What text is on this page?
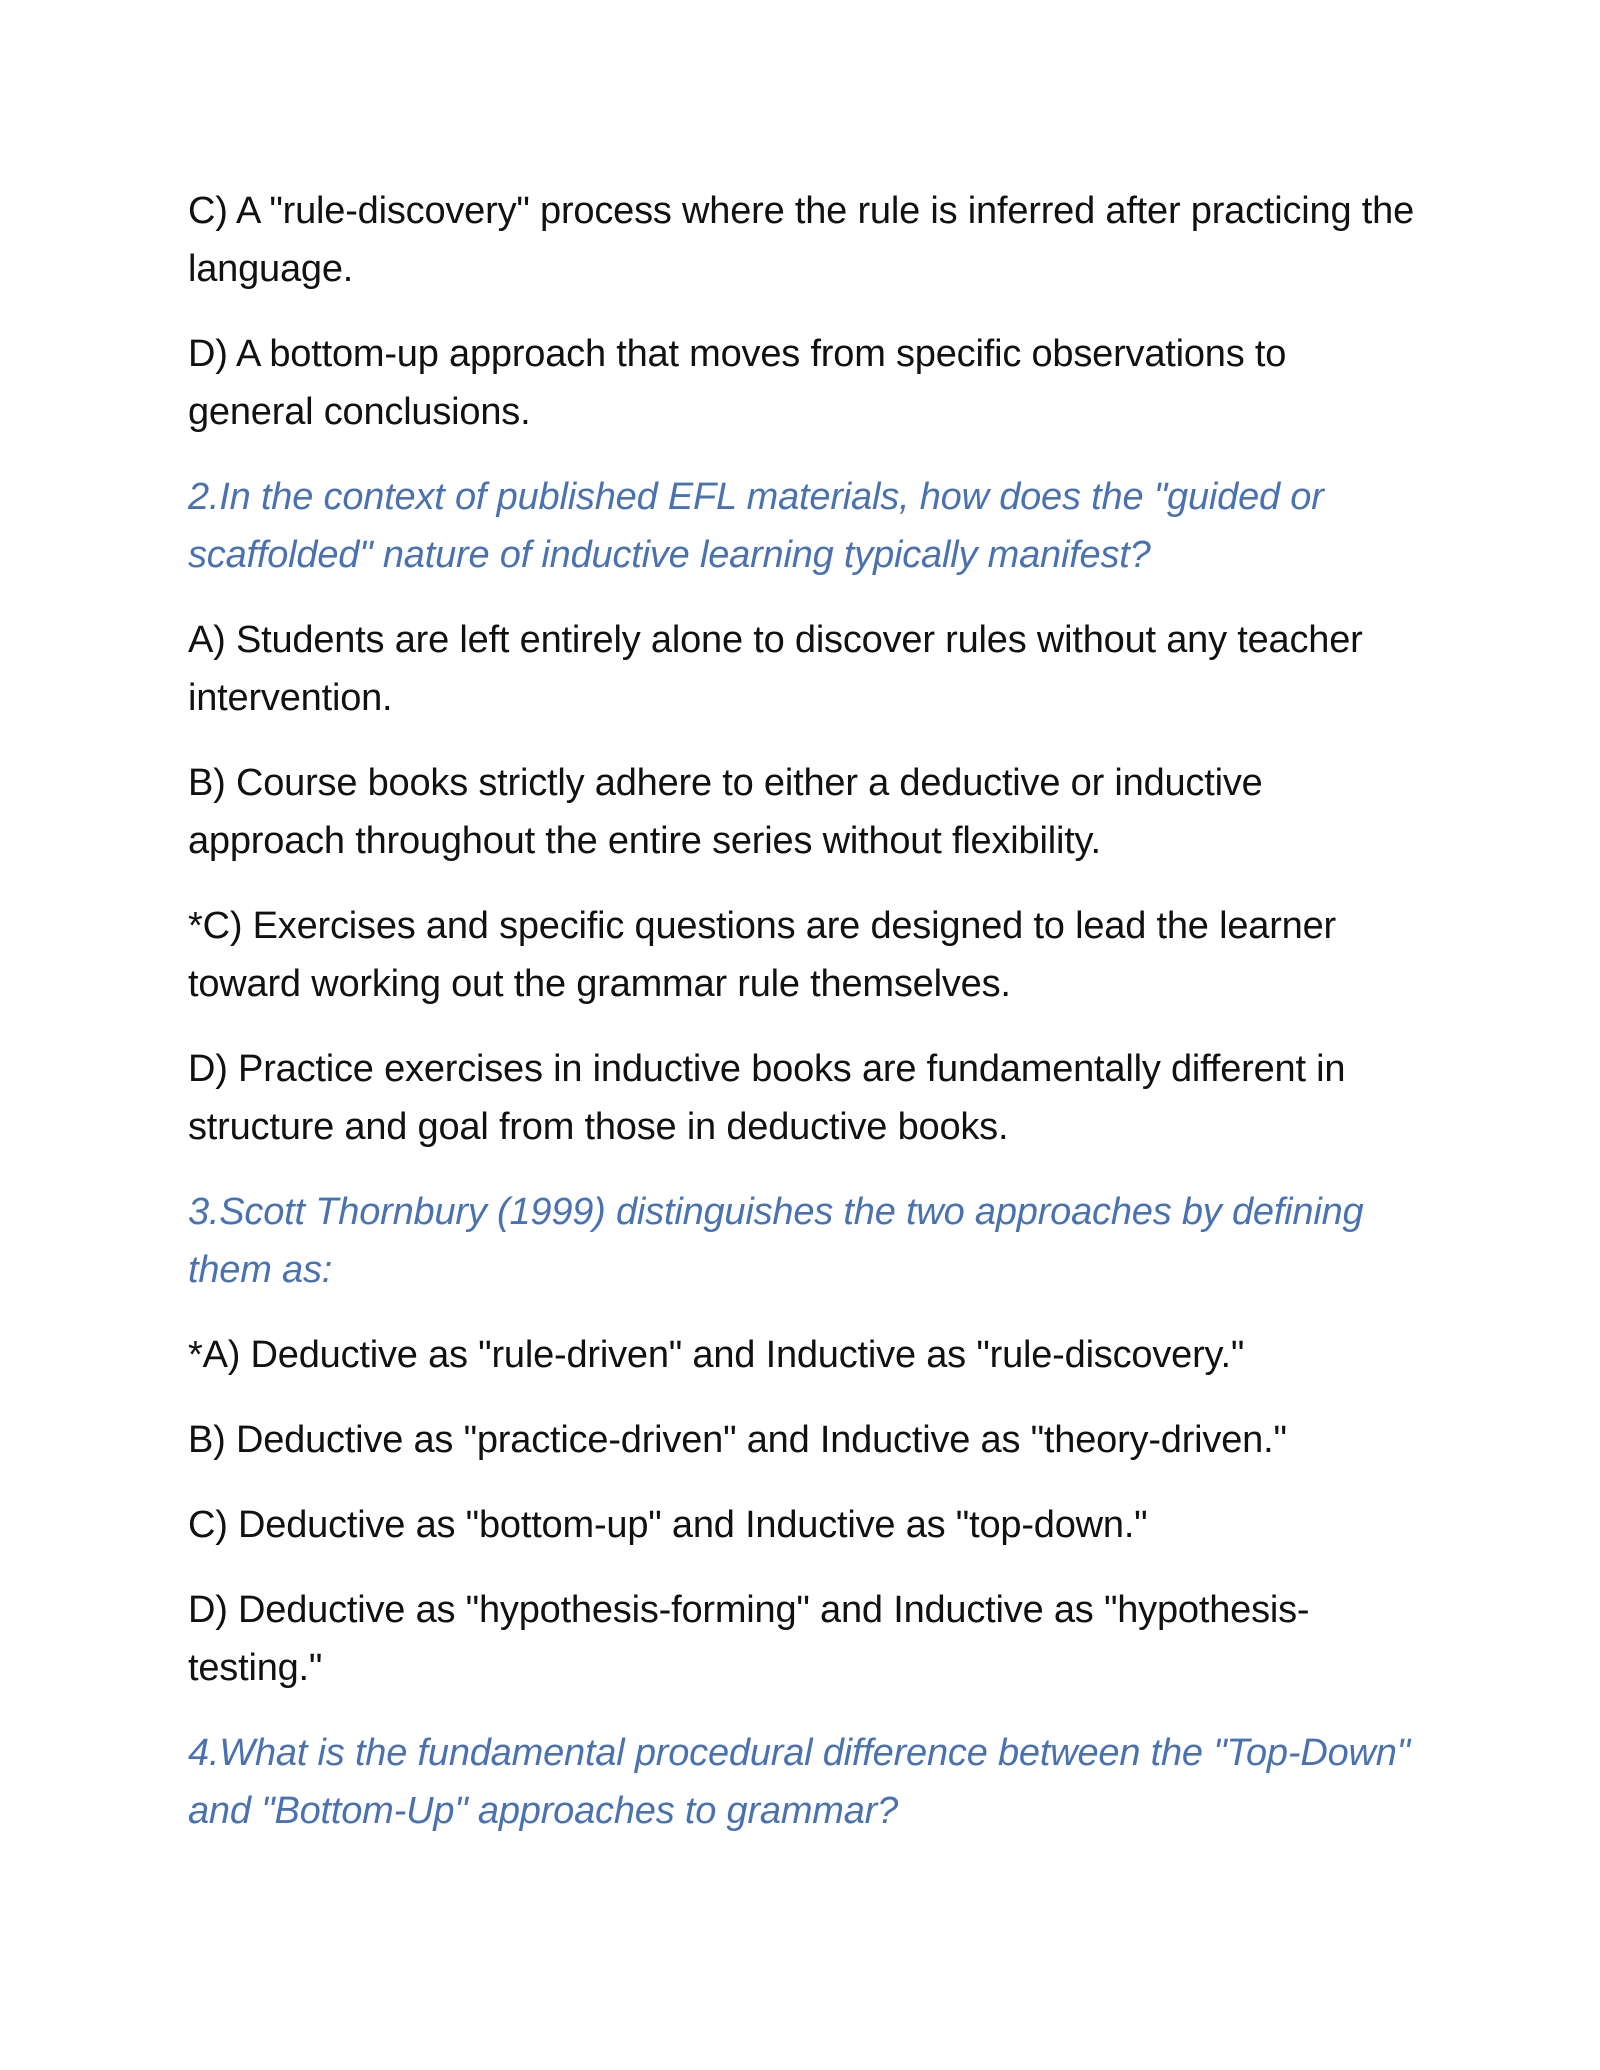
C) A "rule-discovery" process where the rule is inferred after practicing the language.

D) A bottom-up approach that moves from specific observations to general conclusions.

2.In the context of published EFL materials, how does the "guided or scaffolded" nature of inductive learning typically manifest?

A) Students are left entirely alone to discover rules without any teacher intervention.

B) Course books strictly adhere to either a deductive or inductive approach throughout the entire series without flexibility.

*C) Exercises and specific questions are designed to lead the learner toward working out the grammar rule themselves.

D) Practice exercises in inductive books are fundamentally different in structure and goal from those in deductive books.

3.Scott Thornbury (1999) distinguishes the two approaches by defining them as:

*A) Deductive as "rule-driven" and Inductive as "rule-discovery."

B) Deductive as "practice-driven" and Inductive as "theory-driven."

C) Deductive as "bottom-up" and Inductive as "top-down."

D) Deductive as "hypothesis-forming" and Inductive as "hypothesis-testing."

4.What is the fundamental procedural difference between the "Top-Down" and "Bottom-Up" approaches to grammar?
